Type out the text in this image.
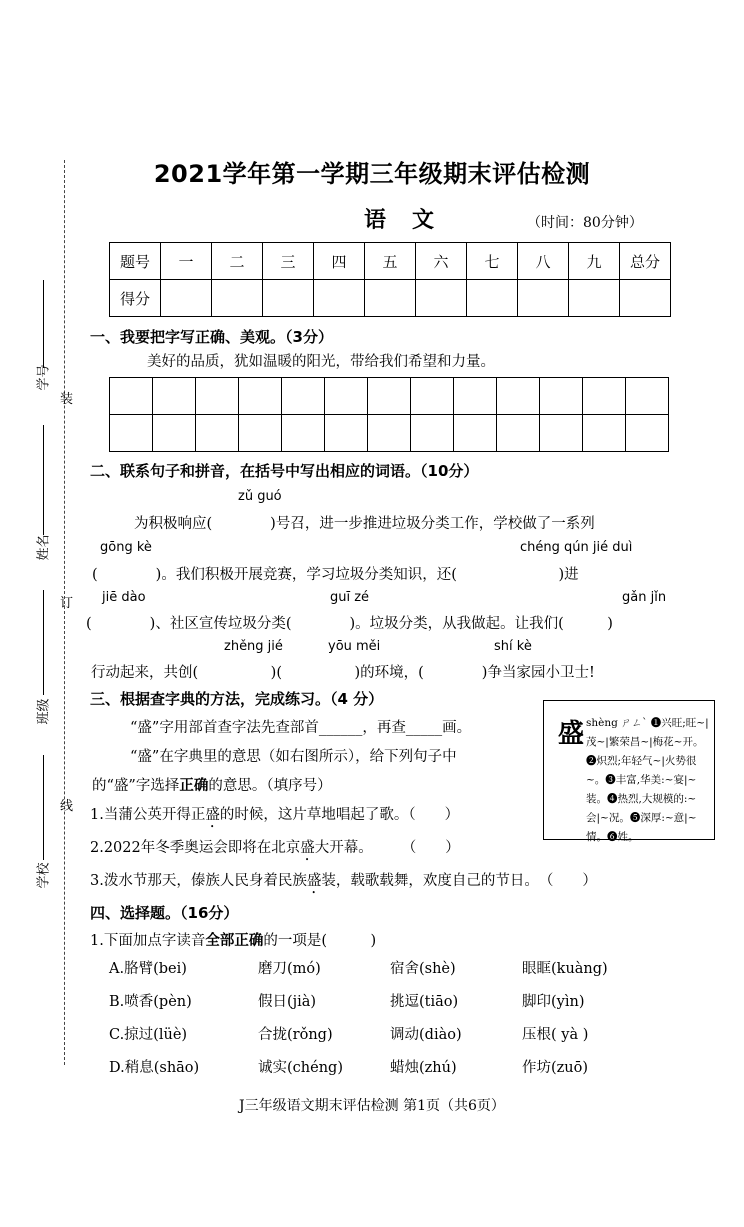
学号
姓名
班级
学校
装
订
线
2021学年第一学期三年级期末评估检测
语文	（时间：80分钟）
题号	一	二	三	四	五	六	七	八	九	总分
得分										
一、我要把字写正确、美观。（3分）
美好的品质，犹如温暖的阳光，带给我们希望和力量。

二、联系句子和拼音，在括号中写出相应的词语。（10分）
zǔ guó
为积极响应(　　　　)号召，进一步推进垃圾分类工作，学校做了一系列
gōng kè	chéng qún jié duì
(　　　　)。我们积极开展竞赛，学习垃圾分类知识，还(　　　　　　　)进
jiē dào	guī zé	gǎn jǐn
(　　　　)、社区宣传垃圾分类(　　　　)。垃圾分类，从我做起。让我们(　　　)
zhěng jié	yōu měi	shí kè
行动起来，共创(　　　　　)(　　　　　)的环境，(　　　　)争当家园小卫士!
三、根据查字典的方法，完成练习。（4 分）
“盛”字用部首查字法先查部首______，再查_____画。
“盛”在字典里的意思（如右图所示），给下列句子中
的“盛”字选择正确的意思。（填序号）
1.当蒲公英开得正盛的时候，这片草地唱起了歌。（　　）
2.2022年冬季奥运会即将在北京盛大开幕。　　　（　　）
3.泼水节那天，傣族人民身着民族盛装，载歌载舞，欢度自己的节日。　（　　）
盛 shèng ㄕㄥˋ ❶兴旺;旺~|茂~|繁荣昌~|梅花~开。❷炽烈;年轻气~|火势很~。❸丰富,华美:~宴|~装。❹热烈,大规模的:~会|~况。❺深厚:~意|~情。❻姓。
四、选择题。（16分）
1.下面加点字读音全部正确的一项是(　　　)
A.胳臂(bei)	磨刀(mó)	宿舍(shè)	眼眶(kuàng)
B.喷香(pèn)	假日(jià)	挑逗(tiāo)	脚印(yìn)
C.掠过(lüè)	合拢(rǒng)	调动(diào)	压根( yà )
D.稍息(shāo)	诚实(chéng)	蜡烛(zhú)	作坊(zuō)
J三年级语文期末评估检测 第1页（共6页）
